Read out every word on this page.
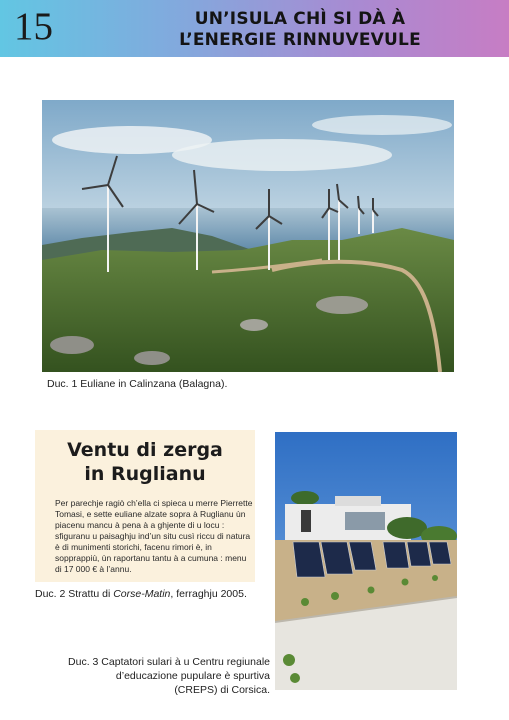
15	UN’ISULA CHÌ SI DÀ À
L’ENERGIE RINNUVEVULE
Duc. 1 Euliane in Calinzana (Balagna).
Ventu di zerga
in Ruglianu
Per parechje ragiò ch’ella ci spieca u merre Pierrette Tomasi, e sette euliane alzate sopra à Ruglianu ùn piacenu mancu à pena à a ghjente di u locu : sfiguranu u paisaghju ind’un situ cusì riccu di natura è di munimenti storichi, facenu rimori è, in sopprappiù, ùn raportanu tantu à a cumuna : menu di 17 000 € à l’annu.
Duc. 2 Strattu di Corse-Matin, ferraghju 2005.
Duc. 3 Captatori sulari à u Centru regiunale
d’educazione pupulare è spurtiva
(CREPS) di Corsica.
